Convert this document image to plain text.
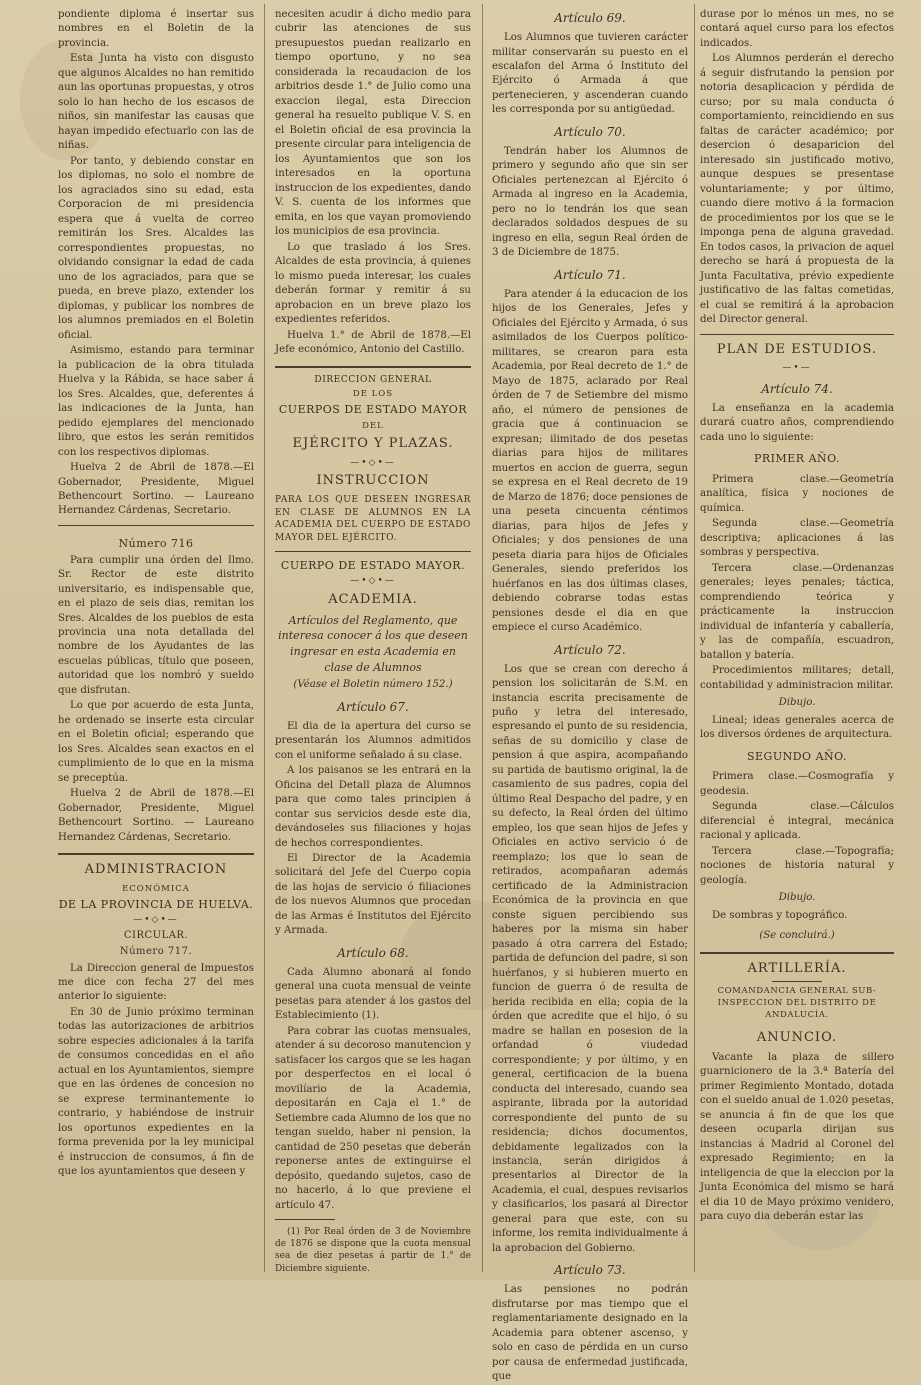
pondiente diploma é insertar sus nombres en el Boletin de la provincia.

Esta Junta ha visto con disgusto que algunos Alcaldes no han remitido aun las oportunas propuestas, y otros solo lo han hecho de los escasos de niños, sin manifestar las causas que hayan impedido efectuarlo con las de niñas.

Por tanto, y debiendo constar en los diplomas, no solo el nombre de los agraciados sino su edad, esta Corporacion de mi presidencia espera que á vuelta de correo remitirán los Sres. Alcaldes las correspondientes propuestas, no olvidando consignar la edad de cada uno de los agraciados, para que se pueda, en breve plazo, extender los diplomas, y publicar los nombres de los alumnos premiados en el Boletin oficial.

Asimismo, estando para terminar la publicacion de la obra titulada Huelva y la Rábida, se hace saber á los Sres. Alcaldes, que, deferentes á las indicaciones de la Junta, han pedido ejemplares del mencionado libro, que estos les serán remitidos con los respectivos diplomas.

Huelva 2 de Abril de 1878.—El Gobernador, Presidente, Miguel Bethencourt Sortino. — Laureano Hernandez Cárdenas, Secretario.

Número 716

Para cumplir una órden del Ilmo. Sr. Rector de este distrito universitario, es indispensable que, en el plazo de seis dias, remitan los Sres. Alcaldes de los pueblos de esta provincia una nota detallada del nombre de los Ayudantes de las escuelas públicas, título que poseen, autoridad que los nombró y sueldo que disfrutan.

Lo que por acuerdo de esta Junta, he ordenado se inserte esta circular en el Boletin oficial; esperando que los Sres. Alcaldes sean exactos en el cumplimiento de lo que en la misma se preceptúa.

Huelva 2 de Abril de 1878.—El Gobernador, Presidente, Miguel Bethencourt Sortino. — Laureano Hernandez Cárdenas, Secretario.

ADMINISTRACION
ECONÓMICA
DE LA PROVINCIA DE HUELVA.
—•◇•—
CIRCULAR.
Número 717.

La Direccion general de Impuestos me dice con fecha 27 del mes anterior lo siguiente:

En 30 de Junio próximo terminan todas las autorizaciones de arbitrios sobre especies adicionales á la tarifa de consumos concedidas en el año actual en los Ayuntamientos, siempre que en las órdenes de concesion no se exprese terminantemente lo contrario, y habiéndose de instruir los oportunos expedientes en la forma prevenida por la ley municipal é instruccion de consumos, á fin de que los ayuntamientos que deseen y

necesiten acudir á dicho medio para cubrir las atenciones de sus presupuestos puedan realizarlo en tiempo oportuno, y no sea considerada la recaudacion de los arbitrios desde 1.° de Julio como una exaccion ilegal, esta Direccion general ha resuelto publique V. S. en el Boletin oficial de esa provincia la presente circular para inteligencia de los Ayuntamientos que son los interesados en la oportuna instruccion de los expedientes, dando V. S. cuenta de los informes que emita, en los que vayan promoviendo los municipios de esa provincia.

Lo que traslado á los Sres. Alcaldes de esta provincia, á quienes lo mismo pueda interesar, los cuales deberán formar y remitir á su aprobacion en un breve plazo los expedientes referidos.

Huelva 1.° de Abril de 1878.—El Jefe económico, Antonio del Castillo.

DIRECCION GENERAL
DE LOS
CUERPOS DE ESTADO MAYOR
DEL
EJÉRCITO Y PLAZAS.
—•◇•—
INSTRUCCION

PARA LOS QUE DESEEN INGRESAR EN CLASE DE ALUMNOS EN LA ACADEMIA DEL CUERPO DE ESTADO MAYOR DEL EJÉRCITO.

CUERPO DE ESTADO MAYOR.
—•◇•—
ACADEMIA.

Artículos del Reglamento, que interesa conocer á los que deseen ingresar en esta Academia en clase de Alumnos

(Véase el Boletin número 152.)
Artículo 67.

El dia de la apertura del curso se presentarán los Alumnos admitidos con el uniforme señalado á su clase.

A los paisanos se les entrará en la Oficina del Detall plaza de Alumnos para que como tales principien á contar sus servicios desde este dia, devándoseles sus filiaciones y hojas de hechos correspondientes.

El Director de la Academia solicitará del Jefe del Cuerpo copia de las hojas de servicio ó filiaciones de los nuevos Alumnos que procedan de las Armas é Institutos del Ejército y Armada.

Artículo 68.

Cada Alumno abonará al fondo general una cuota mensual de veinte pesetas para atender á los gastos del Establecimiento (1).

Para cobrar las cuotas mensuales, atender á su decoroso manutencion y satisfacer los cargos que se les hagan por desperfectos en el local ó movilíario de la Academia, depositarán en Caja el 1.° de Setiembre cada Alumno de los que no tengan sueldo, haber ni pension, la cantidad de 250 pesetas que deberán reponerse antes de extinguirse el depósito, quedando sujetos, caso de no hacerlo, á lo que previene el artículo 47.

(1) Por Real órden de 3 de Noviembre de 1876 se dispone que la cuota mensual sea de diez pesetas á partir de 1.° de Diciembre siguiente.

Artículo 69.

Los Alumnos que tuvieren carácter militar conservarán su puesto en el escalafon del Arma ó Instituto del Ejército ó Armada á que pertenecieren, y ascenderan cuando les corresponda por su antigüedad.

Artículo 70.

Tendrán haber los Alumnos de primero y segundo año que sin ser Oficiales pertenezcan al Ejército ó Armada al ingreso en la Academia, pero no lo tendrán los que sean declarados soldados despues de su ingreso en ella, segun Real órden de 3 de Diciembre de 1875.

Artículo 71.

Para atender á la educacion de los hijos de los Generales, Jefes y Oficiales del Ejército y Armada, ó sus asimilados de los Cuerpos político-militares, se crearon para esta Academia, por Real decreto de 1.° de Mayo de 1875, aclarado por Real órden de 7 de Setiembre del mismo año, el número de pensiones de gracia que á continuacion se expresan; ilimitado de dos pesetas diarias para hijos de militares muertos en accion de guerra, segun se expresa en el Real decreto de 19 de Marzo de 1876; doce pensiones de una peseta cincuenta céntimos diarias, para hijos de Jefes y Oficiales; y dos pensiones de una peseta diaria para hijos de Oficiales Generales, siendo preferidos los huérfanos en las dos últimas clases, debiendo cobrarse todas estas pensiones desde el dia en que empiece el curso Académico.

Artículo 72.

Los que se crean con derecho á pension los solicitarán de S.M. en instancia escrita precisamente de puño y letra del interesado, espresando el punto de su residencia, señas de su domicilio y clase de pension á que aspira, acompañando su partida de bautismo original, la de casamiento de sus padres, copia del último Real Despacho del padre, y en su defecto, la Real órden del último empleo, los que sean hijos de Jefes y Oficiales en activo servicio ó de reemplazo; los que lo sean de retirados, acompañaran además certificado de la Administracion Económica de la provincia en que conste siguen percibiendo sus haberes por la misma sin haber pasado á otra carrera del Estado; partida de defuncion del padre, si son huérfanos, y si hubieren muerto en funcion de guerra ó de resulta de herida recibida en ella; copia de la órden que acredite que el hijo, ó su madre se hallan en posesion de la orfandad ó viudedad correspondiente; y por último, y en general, certificacion de la buena conducta del interesado, cuando sea aspirante, librada por la autoridad correspondiente del punto de su residencia; dichos documentos, debidamente legalizados con la instancia, serán dirigidos á presentarlos al Director de la Academia, el cual, despues revisarlos y clasificarlos, los pasará al Director general para que este, con su informe, los remita individualmente á la aprobacion del Gobierno.

Artículo 73.

Las pensiones no podrán disfrutarse por mas tiempo que el reglamentariamente designado en la Academia para obtener ascenso, y solo en caso de pérdida en un curso por causa de enfermedad justificada, que

durase por lo ménos un mes, no se contará aquel curso para los efectos indicados.

Los Alumnos perderán el derecho á seguir disfrutando la pension por notoria desaplicacion y pérdida de curso; por su mala conducta ó comportamiento, reincidiendo en sus faltas de carácter académico; por desercion ó desaparicion del interesado sin justificado motivo, aunque despues se presentase voluntariamente; y por último, cuando diere motivo á la formacion de procedimientos por los que se le imponga pena de alguna gravedad. En todos casos, la privacion de aquel derecho se hará á propuesta de la Junta Facultativa, prévio expediente justificativo de las faltas cometidas, el cual se remitirá á la aprobacion del Director general.

PLAN DE ESTUDIOS.
—•—
Artículo 74.

La enseñanza en la academia durará cuatro años, comprendiendo cada uno lo siguiente:

PRIMER AÑO.

Primera clase.—Geometría analítica, física y nociones de química.

Segunda clase.—Geometría descriptiva; aplicaciones á las sombras y perspectiva.

Tercera clase.—Ordenanzas generales; leyes penales; táctica, comprendiendo teórica y prácticamente la instruccion individual de infantería y caballería, y las de compañía, escuadron, batallon y batería.

Procedimientos militares; detall, contabilidad y administracion militar.

Dibujo.

Lineal; ideas generales acerca de los diversos órdenes de arquitectura.

SEGUNDO AÑO.

Primera clase.—Cosmografía y geodesia.

Segunda clase.—Cálculos diferencial é integral, mecánica racional y aplicada.

Tercera clase.—Topografía; nociones de historia natural y geología.

Dibujo.

De sombras y topográfico.

(Se concluirá.)
ARTILLERÍA.
COMANDANCIA GENERAL SUB-INSPECCION DEL DISTRITO DE ANDALUCÍA.
ANUNCIO.

Vacante la plaza de sillero guarnicionero de la 3.ª Batería del primer Regimiento Montado, dotada con el sueldo anual de 1.020 pesetas, se anuncia á fin de que los que deseen ocuparla dirijan sus instancias á Madrid al Coronel del expresado Regimiento; en la inteligencia de que la eleccion por la Junta Económica del mismo se hará el dia 10 de Mayo próximo venidero, para cuyo dia deberán estar las
